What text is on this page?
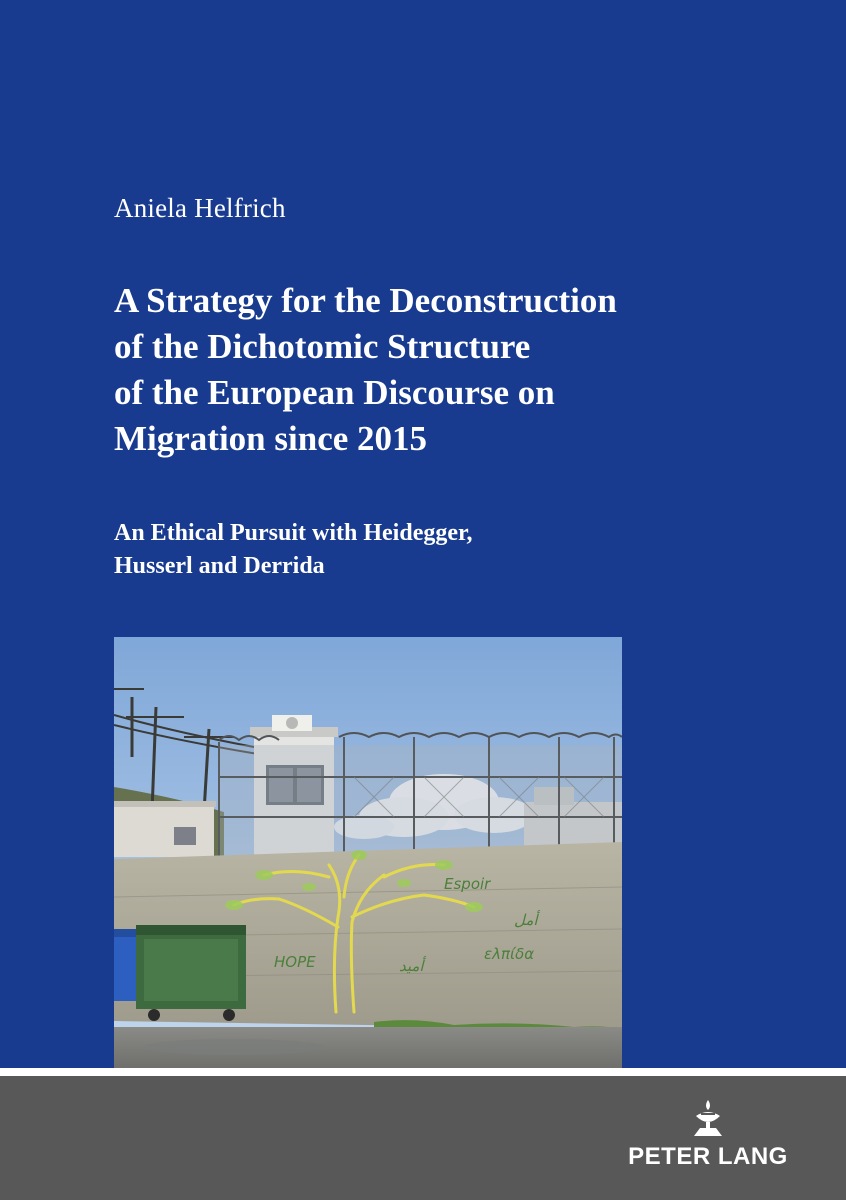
Aniela Helfrich
A Strategy for the Deconstruction
of the Dichotomic Structure
of the European Discourse on
Migration since 2015
An Ethical Pursuit with Heidegger,
Husserl and Derrida
Espoir
HOPE	ελπίδα
أمل
أميد
PETER LANG
